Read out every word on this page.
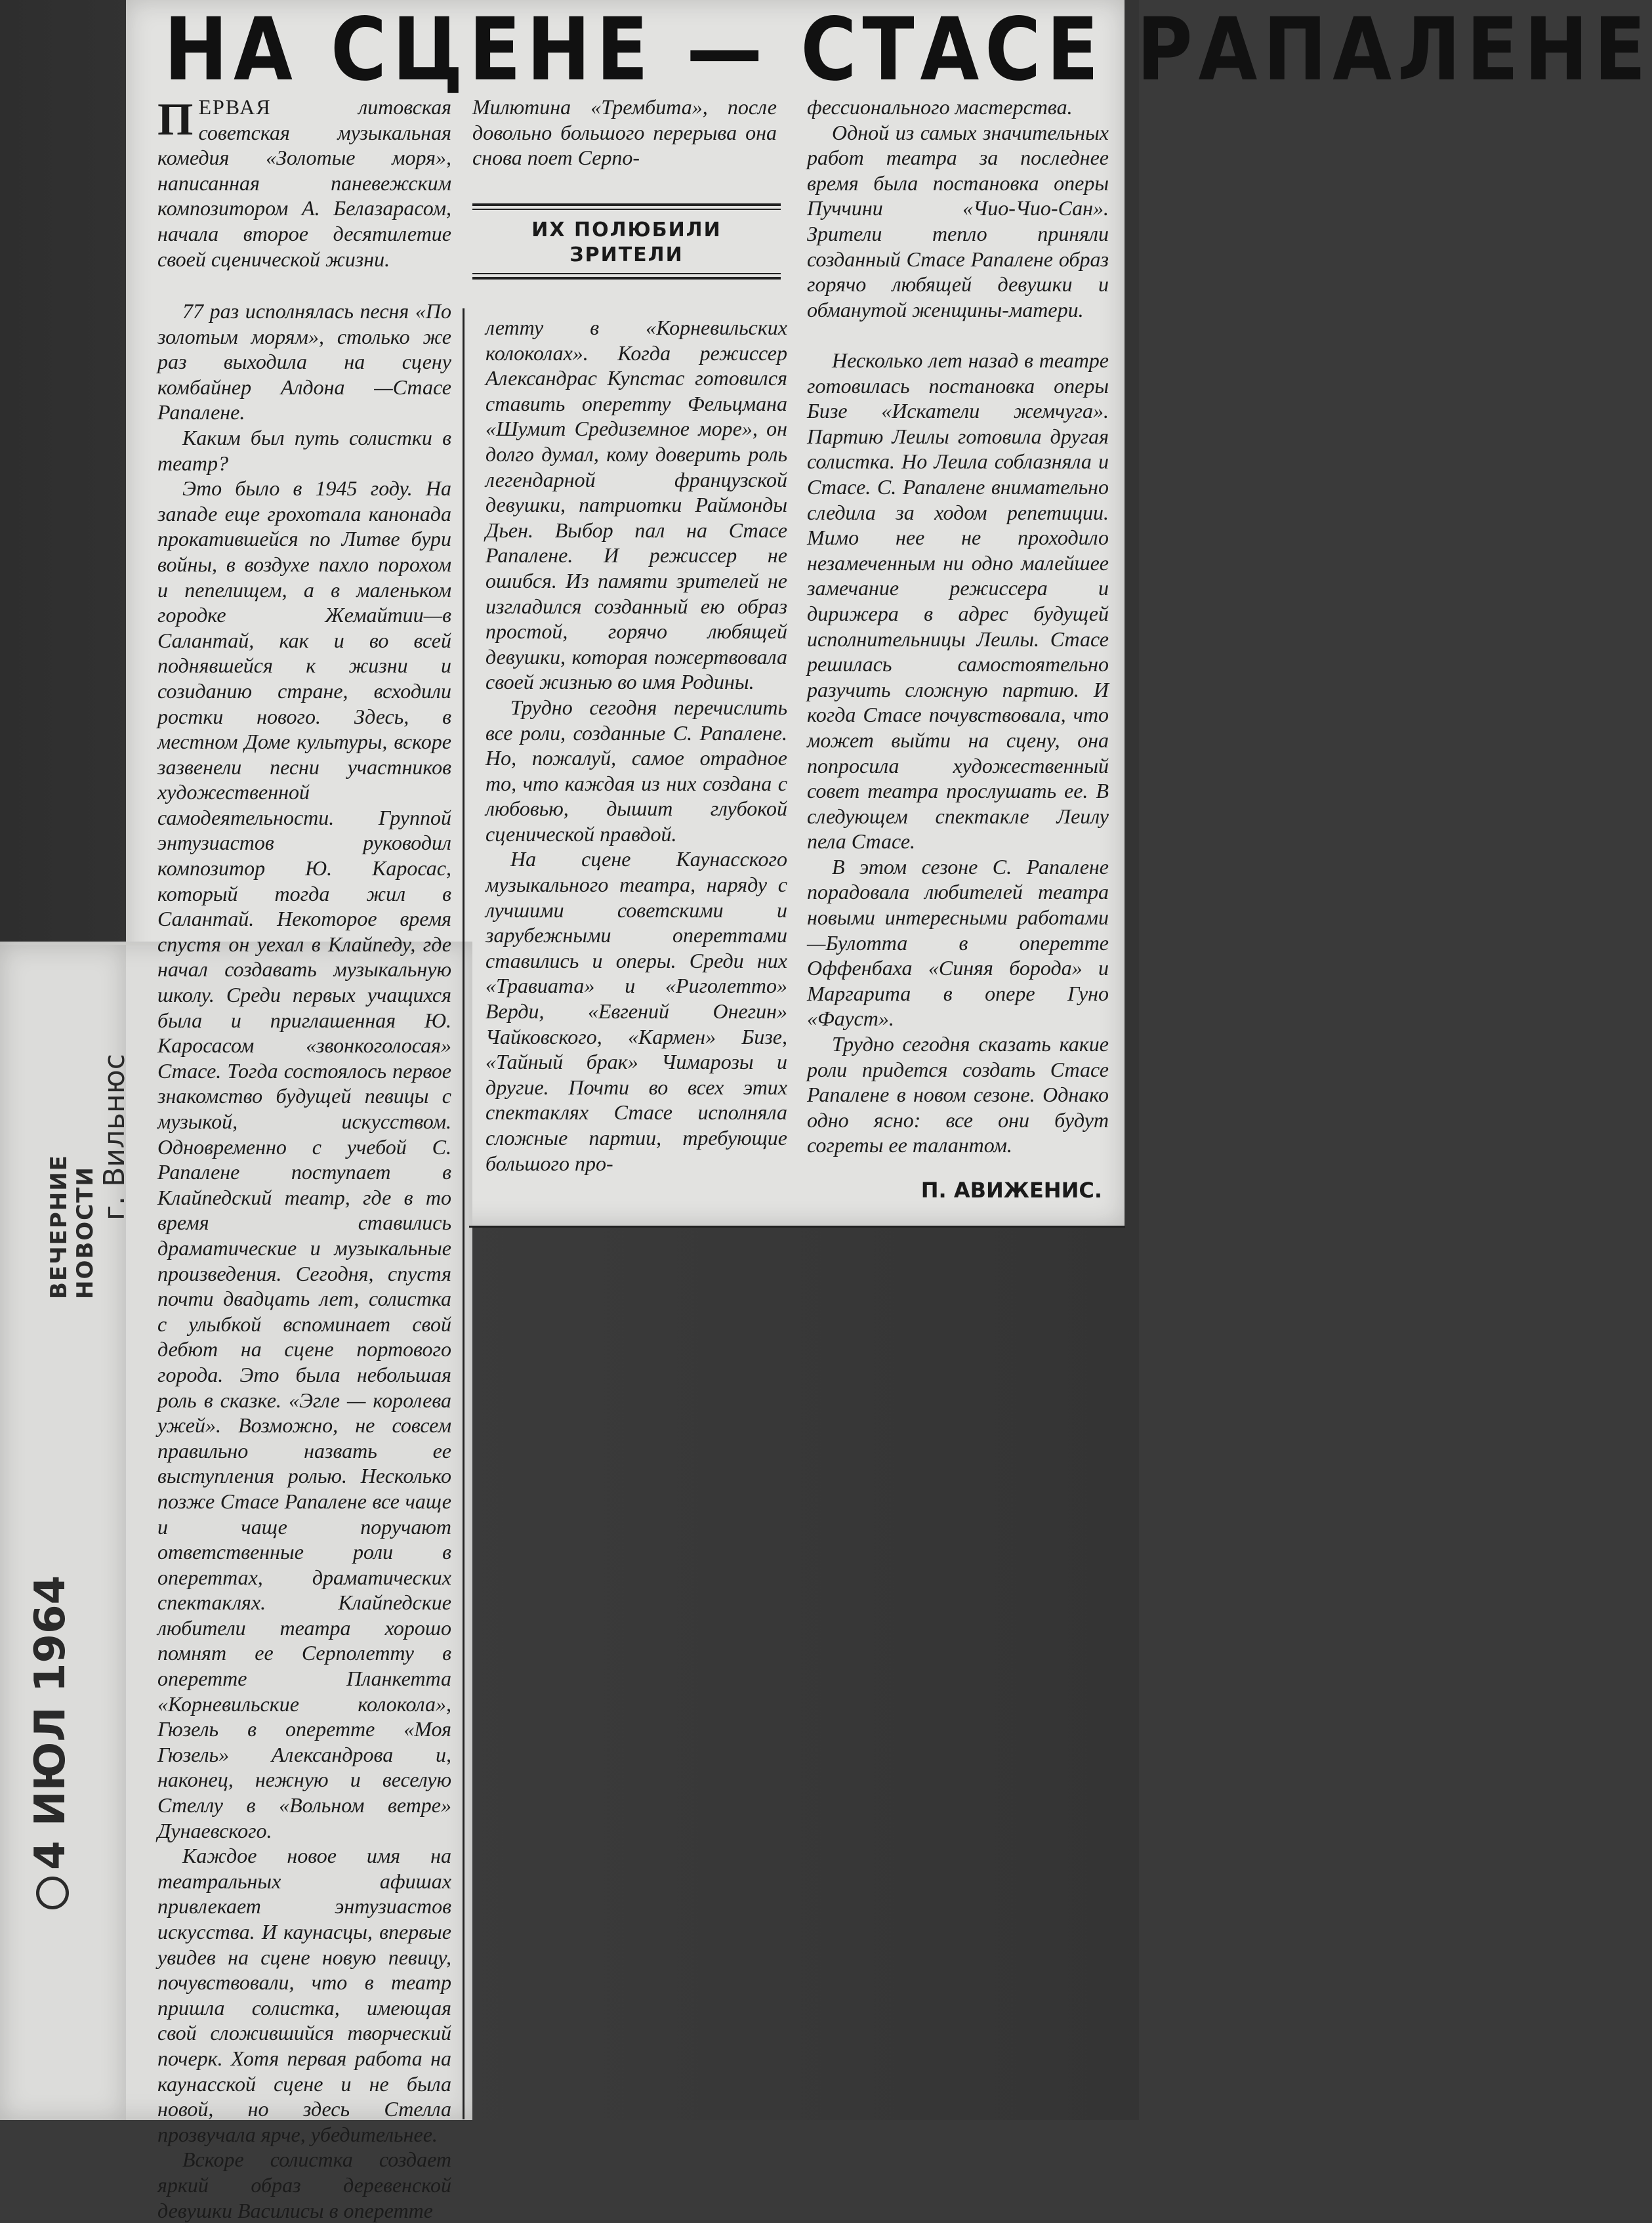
НА СЦЕНЕ — СТАСЕ РАПАЛЕНЕ

ПЕРВАЯ литовская советская музыкальная комедия «Золотые моря», написанная паневежским композитором А. Белазарасом, начала второе десятилетие своей сценической жизни.

77 раз исполнялась песня «По золотым морям», столько же раз выходила на сцену комбайнер Алдона —Стасе Рапалене.

Каким был путь солистки в театр?

Это было в 1945 году. На западе еще грохотала канонада прокатившейся по Литве бури войны, в воздухе пахло порохом и пепелищем, а в маленьком городке Жемайтии—в Салантай, как и во всей поднявшейся к жизни и созиданию стране, всходили ростки нового. Здесь, в местном Доме культуры, вскоре зазвенели песни участников художественной самодеятельности. Группой энтузиастов руководил композитор Ю. Каросас, который тогда жил в Салантай. Некоторое время спустя он уехал в Клайпеду, где начал создавать музыкальную школу. Среди первых учащихся была и приглашенная Ю. Каросасом «звонкоголосая» Стасе. Тогда состоялось первое знакомство будущей певицы с музыкой, искусством. Одновременно с учебой С. Рапалене поступает в Клайпедский театр, где в то время ставились драматические и музыкальные произведения. Сегодня, спустя почти двадцать лет, солистка с улыбкой вспоминает свой дебют на сцене портового города. Это была небольшая роль в сказке. «Эгле — королева ужей». Возможно, не совсем правильно назвать ее выступления ролью. Несколько позже Стасе Рапалене все чаще и чаще поручают ответственные роли в опереттах, драматических спектаклях. Клайпедские любители театра хорошо помнят ее Серполетту в оперетте Планкетта «Корневильские колокола», Гюзель в оперетте «Моя Гюзель» Александрова и, наконец, нежную и веселую Стеллу в «Вольном ветре» Дунаевского.

Каждое новое имя на театральных афишах привлекает энтузиастов искусства. И каунасцы, впервые увидев на сцене новую певицу, почувствовали, что в театр пришла солистка, имеющая свой сложившийся творческий почерк. Хотя первая работа на каунасской сцене и не была новой, но здесь Стелла прозвучала ярче, убедительнее.

Вскоре солистка создает яркий образ деревенской девушки Василисы в оперетте

Милютина «Трембита», после довольно большого перерыва она снова поет Серпо-

ИХ ПОЛЮБИЛИ ЗРИТЕЛИ

летту в «Корневильских колоколах». Когда режиссер Александрас Купстас готовился ставить оперетту Фельцмана «Шумит Средиземное море», он долго думал, кому доверить роль легендарной французской девушки, патриотки Раймонды Дьен. Выбор пал на Стасе Рапалене. И режиссер не ошибся. Из памяти зрителей не изгладился созданный ею образ простой, горячо любящей девушки, которая пожертвовала своей жизнью во имя Родины.

Трудно сегодня перечислить все роли, созданные С. Рапалене. Но, пожалуй, самое отрадное то, что каждая из них создана с любовью, дышит глубокой сценической правдой.

На сцене Каунасского музыкального театра, наряду с лучшими советскими и зарубежными опереттами ставились и оперы. Среди них «Травиата» и «Риголетто» Верди, «Евгений Онегин» Чайковского, «Кармен» Бизе, «Тайный брак» Чимарозы и другие. Почти во всех этих спектаклях Стасе исполняла сложные партии, требующие большого про-

фессионального мастерства.

Одной из самых значительных работ театра за последнее время была постановка оперы Пуччини «Чио-Чио-Сан». Зрители тепло приняли созданный Стасе Рапалене образ горячо любящей девушки и обманутой женщины-матери.

Несколько лет назад в театре готовилась постановка оперы Бизе «Искатели жемчуга». Партию Леилы готовила другая солистка. Но Леила соблазняла и Стасе. С. Рапалене внимательно следила за ходом репетиции. Мимо нее не проходило незамеченным ни одно малейшее замечание режиссера и дирижера в адрес будущей исполнительницы Леилы. Стасе решилась самостоятельно разучить сложную партию. И когда Стасе почувствовала, что может выйти на сцену, она попросила художественный совет театра прослушать ее. В следующем спектакле Леилу пела Стасе.

В этом сезоне С. Рапалене порадовала любителей театра новыми интересными работами—Булотта в оперетте Оффенбаха «Синяя борода» и Маргарита в опере Гуно «Фауст».

Трудно сегодня сказать какие роли придется создать Стасе Рапалене в новом сезоне. Однако одно ясно: все они будут согреты ее талантом.

П. АВИЖЕНИС.
ВЕЧЕРНИЕ НОВОСТИ
г. Вильнюс
4 ИЮЛ 1964
